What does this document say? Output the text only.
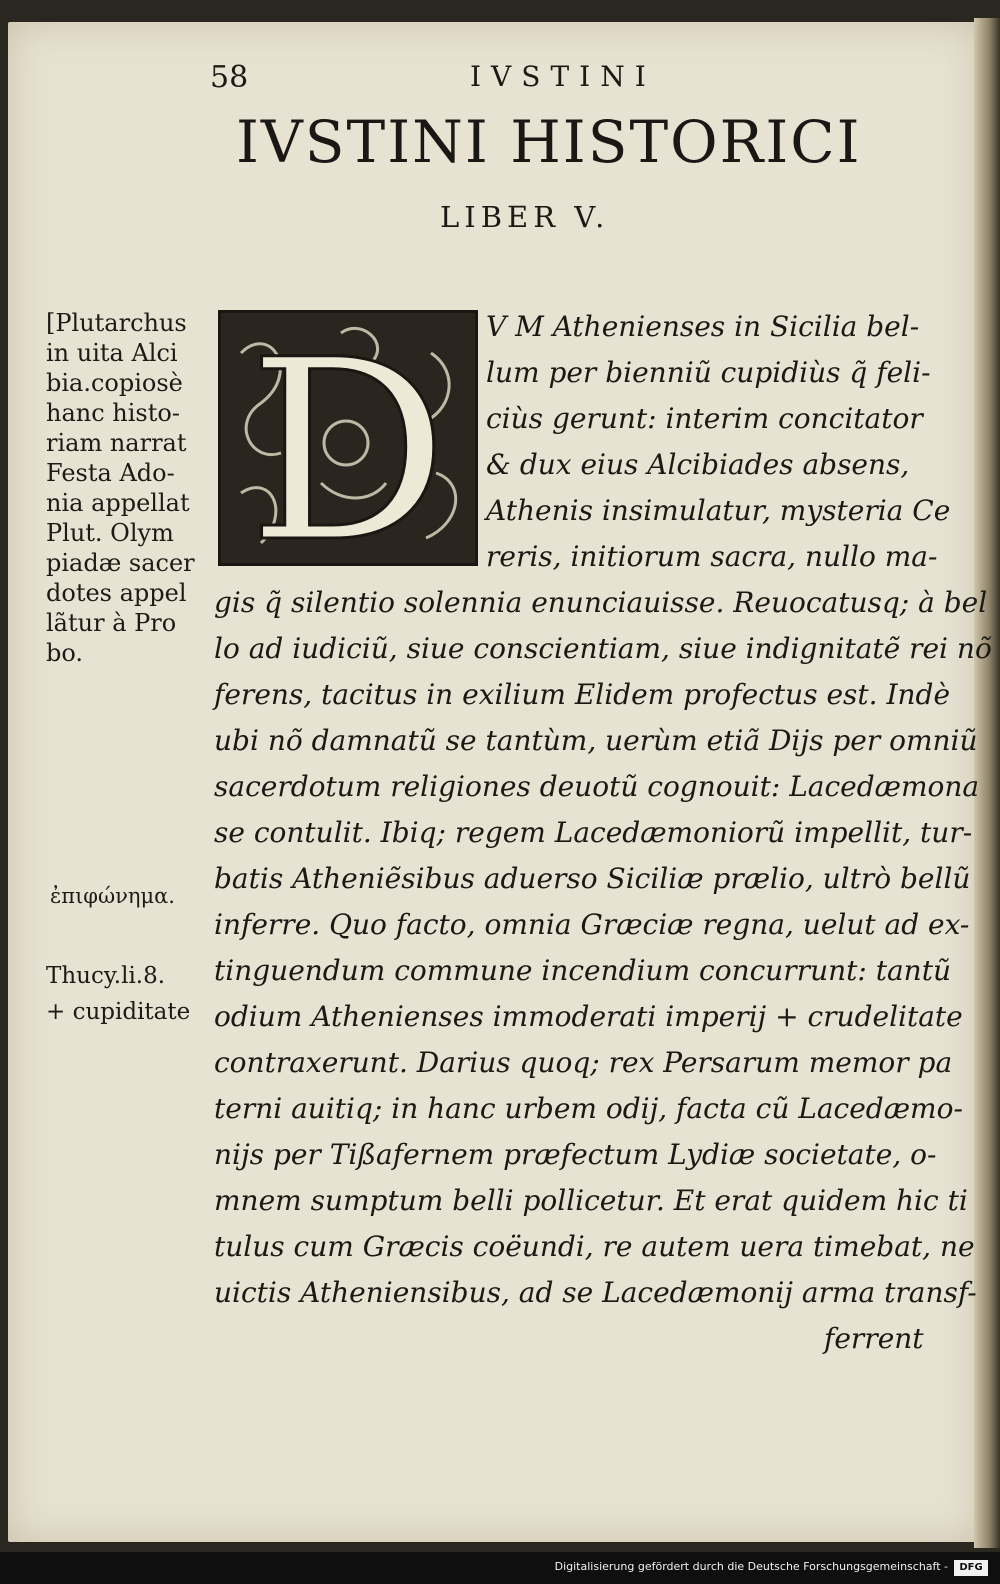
58	IVSTINI
IVSTINI HISTORICI
LIBER V.
[Plutarchus
in uita Alci
bia.copiosè
hanc histo-
riam narrat
Festa Ado-
nia appellat
Plut. Olym
piadæ sacer
dotes appel
lãtur à Pro
bo.
ἐπιφώνημα.
Thucy.li.8.
+ cupiditate
D V M Athenienses in Sicilia bel-
lum per bienniũ cupidiùs q̃ feli-
ciùs gerunt: interim concitator
& dux eius Alcibiades absens,
Athenis insimulatur, mysteria Ce
reris, initiorum sacra, nullo ma-
gis q̃ silentio solennia enunciauisse. Reuocatusq; à bel
lo ad iudiciũ, siue conscientiam, siue indignitatẽ rei nõ
ferens, tacitus in exilium Elidem profectus est. Indè
ubi nõ damnatũ se tantùm, uerùm etiã Dijs per omniũ
sacerdotum religiones deuotũ cognouit: Lacedæmona
se contulit. Ibiq; regem Lacedæmoniorũ impellit, tur-
batis Atheniẽsibus aduerso Siciliæ prælio, ultrò bellũ
inferre. Quo facto, omnia Græciæ regna, uelut ad ex-
tinguendum commune incendium concurrunt: tantũ
odium Athenienses immoderati imperij + crudelitate
contraxerunt. Darius quoq; rex Persarum memor pa
terni auitiq; in hanc urbem odij, facta cũ Lacedæmo-
nijs per Tißafernem præfectum Lydiæ societate, o-
mnem sumptum belli pollicetur. Et erat quidem hic ti
tulus cum Græcis coëundi, re autem uera timebat, ne
uictis Atheniensibus, ad se Lacedæmonij arma transf-
ferrent
Digitalisierung gefördert durch die Deutsche Forschungsgemeinschaft -	DFG
